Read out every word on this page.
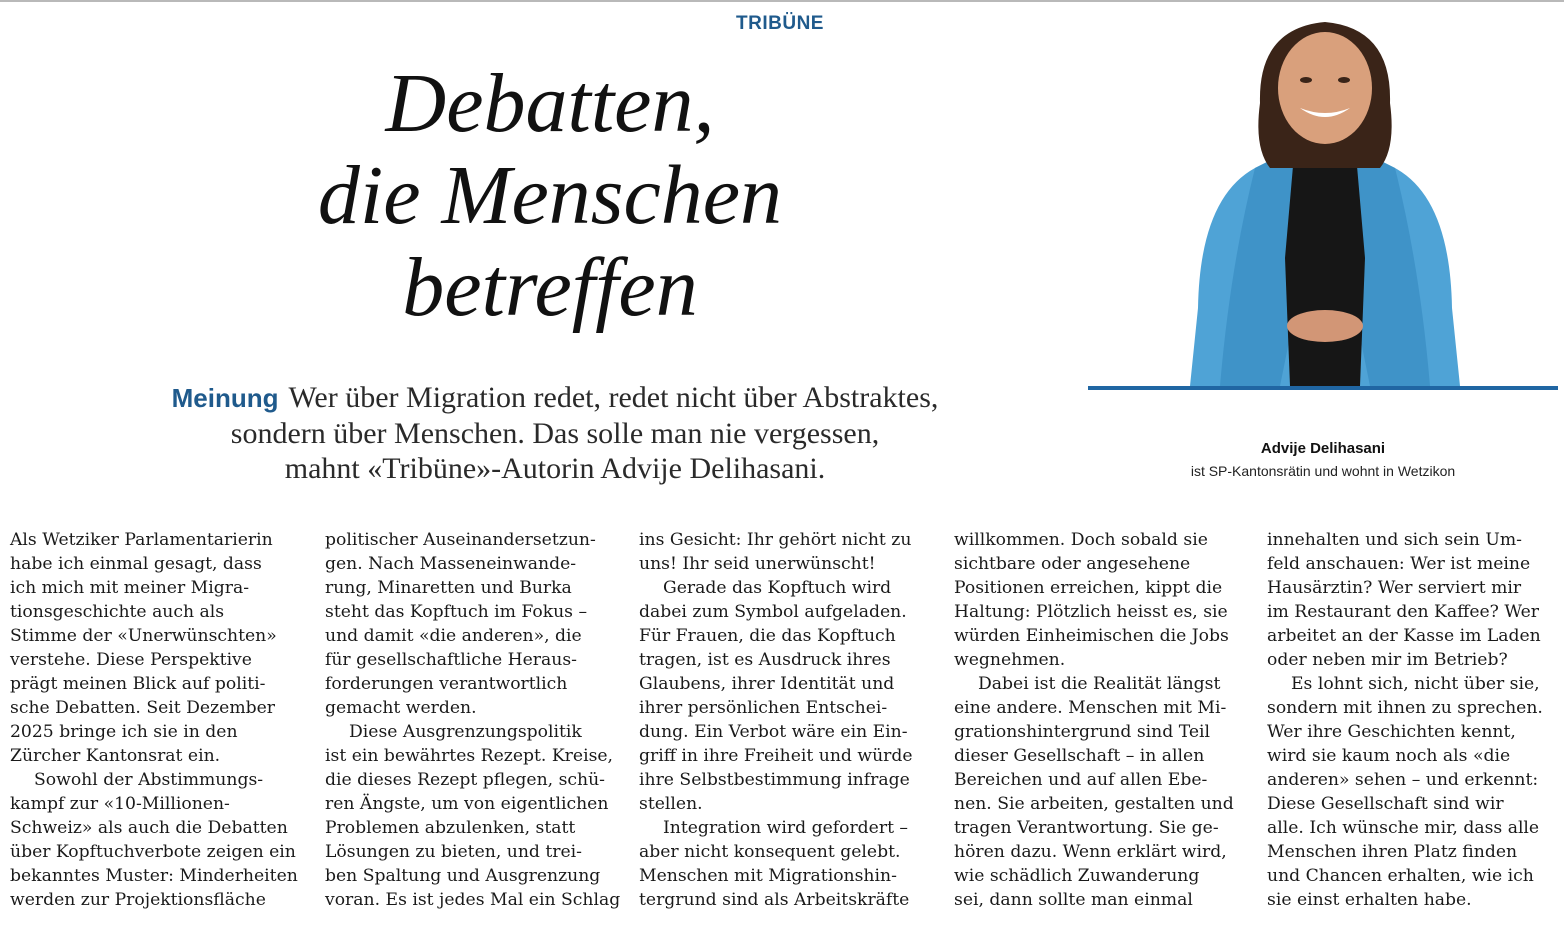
TRIBÜNE
Debatten,
die Menschen
betreffen

Meinung Wer über Migration redet, redet nicht über Abstraktes,
sondern über Menschen. Das solle man nie vergessen,
mahnt «Tribüne»-Autorin Advije Delihasani.

Advije Delihasani
ist SP-Kantonsrätin und wohnt in Wetzikon
Als Wetziker Parlamentarierin
habe ich einmal gesagt, dass
ich mich mit meiner Migra-
tionsgeschichte auch als
Stimme der «Unerwünschten»
verstehe. Diese Perspektive
prägt meinen Blick auf politi-
sche Debatten. Seit Dezember
2025 bringe ich sie in den
Zürcher Kantonsrat ein.
Sowohl der Abstimmungs-
kampf zur «10-Millionen-
Schweiz» als auch die Debatten
über Kopftuchverbote zeigen ein
bekanntes Muster: Minderheiten
werden zur Projektionsfläche
politischer Auseinandersetzun-
gen. Nach Masseneinwande-
rung, Minaretten und Burka
steht das Kopftuch im Fokus –
und damit «die anderen», die
für gesellschaftliche Heraus-
forderungen verantwortlich
gemacht werden.
Diese Ausgrenzungspolitik
ist ein bewährtes Rezept. Kreise,
die dieses Rezept pflegen, schü-
ren Ängste, um von eigentlichen
Problemen abzulenken, statt
Lösungen zu bieten, und trei-
ben Spaltung und Ausgrenzung
voran. Es ist jedes Mal ein Schlag
ins Gesicht: Ihr gehört nicht zu
uns! Ihr seid unerwünscht!
Gerade das Kopftuch wird
dabei zum Symbol aufgeladen.
Für Frauen, die das Kopftuch
tragen, ist es Ausdruck ihres
Glaubens, ihrer Identität und
ihrer persönlichen Entschei-
dung. Ein Verbot wäre ein Ein-
griff in ihre Freiheit und würde
ihre Selbstbestimmung infrage
stellen.
Integration wird gefordert –
aber nicht konsequent gelebt.
Menschen mit Migrationshin-
tergrund sind als Arbeitskräfte
willkommen. Doch sobald sie
sichtbare oder angesehene
Positionen erreichen, kippt die
Haltung: Plötzlich heisst es, sie
würden Einheimischen die Jobs
wegnehmen.
Dabei ist die Realität längst
eine andere. Menschen mit Mi-
grationshintergrund sind Teil
dieser Gesellschaft – in allen
Bereichen und auf allen Ebe-
nen. Sie arbeiten, gestalten und
tragen Verantwortung. Sie ge-
hören dazu. Wenn erklärt wird,
wie schädlich Zuwanderung
sei, dann sollte man einmal
innehalten und sich sein Um-
feld anschauen: Wer ist meine
Hausärztin? Wer serviert mir
im Restaurant den Kaffee? Wer
arbeitet an der Kasse im Laden
oder neben mir im Betrieb?
Es lohnt sich, nicht über sie,
sondern mit ihnen zu sprechen.
Wer ihre Geschichten kennt,
wird sie kaum noch als «die
anderen» sehen – und erkennt:
Diese Gesellschaft sind wir
alle. Ich wünsche mir, dass alle
Menschen ihren Platz finden
und Chancen erhalten, wie ich
sie einst erhalten habe.
